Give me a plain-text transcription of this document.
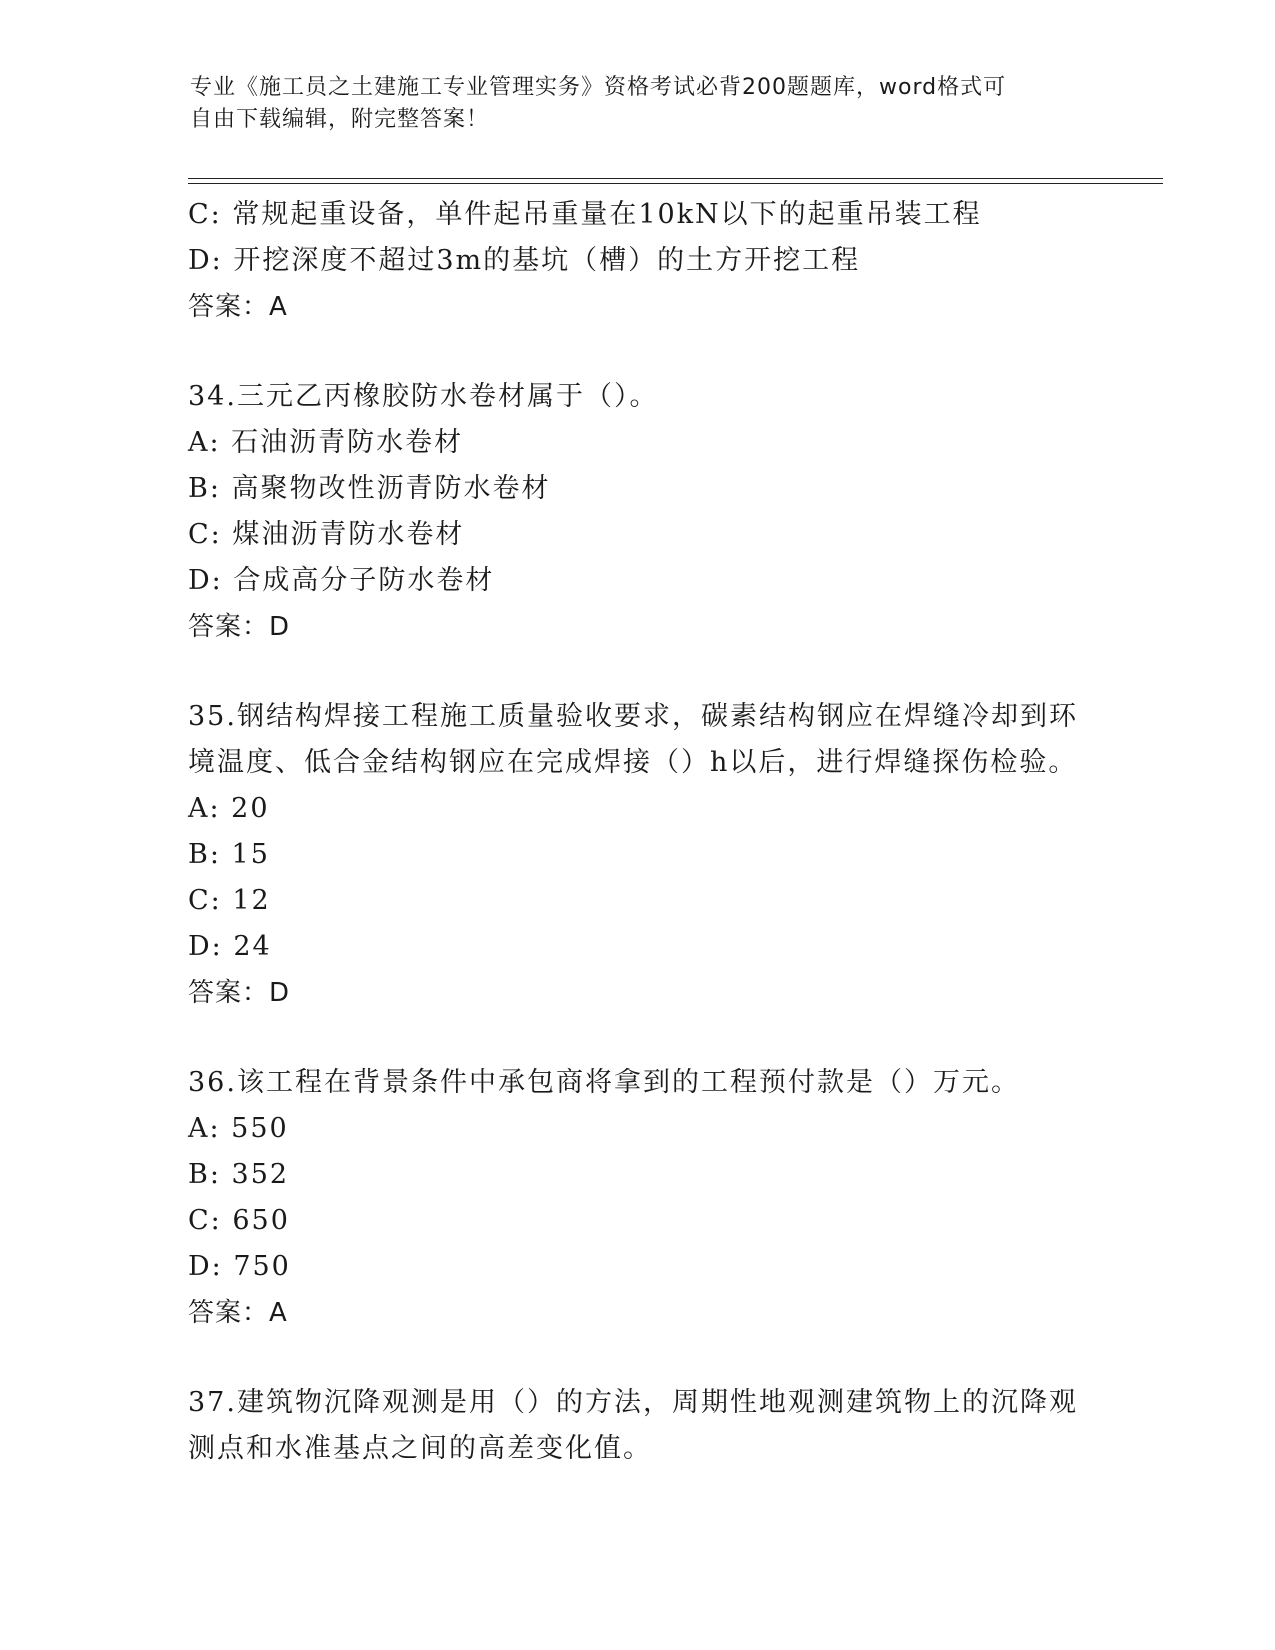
专业《施工员之土建施工专业管理实务》资格考试必背200题题库，word格式可
自由下载编辑，附完整答案！
C: 常规起重设备，单件起吊重量在10kN以下的起重吊装工程
D: 开挖深度不超过3m的基坑（槽）的土方开挖工程
答案：A
34.三元乙丙橡胶防水卷材属于（）。
A: 石油沥青防水卷材
B: 高聚物改性沥青防水卷材
C: 煤油沥青防水卷材
D: 合成高分子防水卷材
答案：D
35.钢结构焊接工程施工质量验收要求，碳素结构钢应在焊缝冷却到环
境温度、低合金结构钢应在完成焊接（）h以后，进行焊缝探伤检验。
A: 20
B: 15
C: 12
D: 24
答案：D
36.该工程在背景条件中承包商将拿到的工程预付款是（）万元。
A: 550
B: 352
C: 650
D: 750
答案：A
37.建筑物沉降观测是用（）的方法，周期性地观测建筑物上的沉降观
测点和水准基点之间的高差变化值。
